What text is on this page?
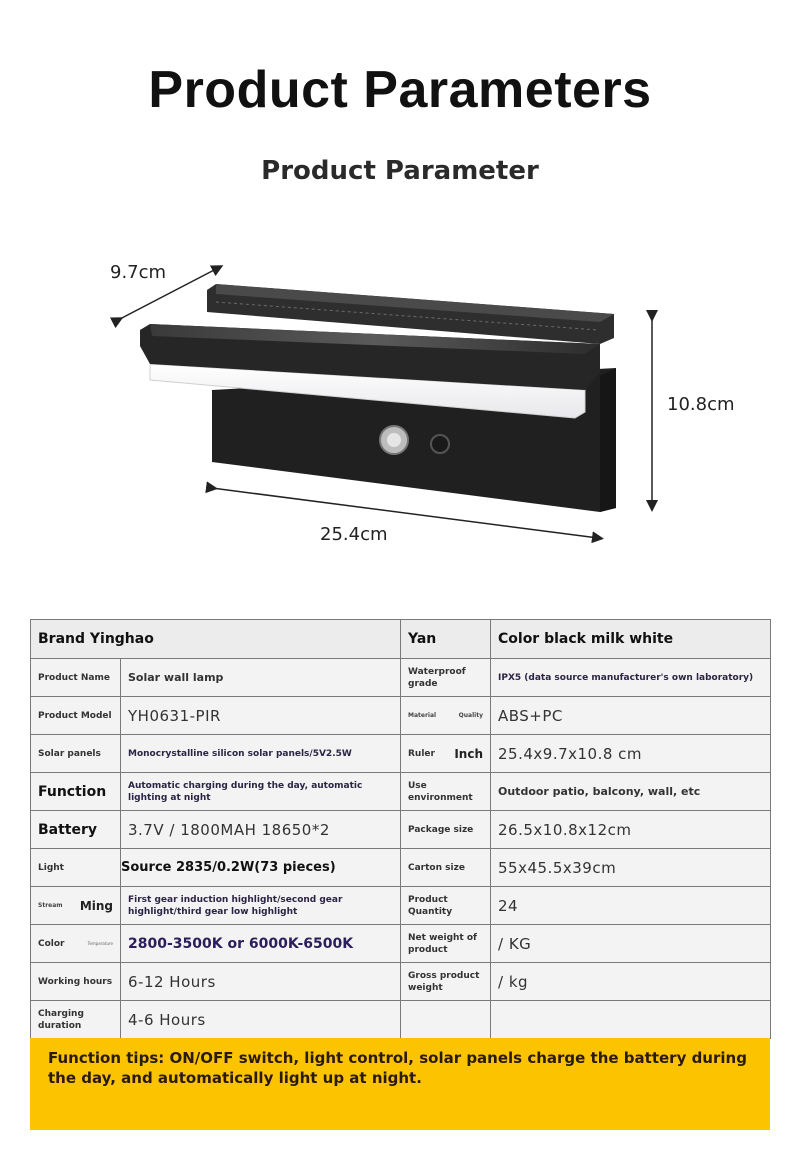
Product Parameters
Product Parameter
9.7cm
10.8cm
25.4cm
Brand Yinghao		Yan	Color black milk white
Product Name	Solar wall lamp	Waterproof grade	IPX5 (data source manufacturer's own laboratory)
Product Model	YH0631-PIR	Material Quality	ABS+PC
Solar panels	Monocrystalline silicon solar panels/5V2.5W	Ruler Inch	25.4x9.7x10.8 cm
Function	Automatic charging during the day, automatic lighting at night	Use environment	Outdoor patio, balcony, wall, etc
Battery	3.7V / 1800MAH 18650*2	Package size	26.5x10.8x12cm
Light	Source 2835/0.2W(73 pieces)	Carton size	55x45.5x39cm

Stream Ming	First gear induction highlight/second gear highlight/third gear low highlight	Product Quantity	24

Color Temperature	2800-3500K or 6000K-6500K	Net weight of product	/ KG
Working hours	6-12 Hours	Gross product weight	/ kg
Charging duration	4-6 Hours		
Function tips: ON/OFF switch, light control, solar panels charge the battery during the day, and automatically light up at night.
